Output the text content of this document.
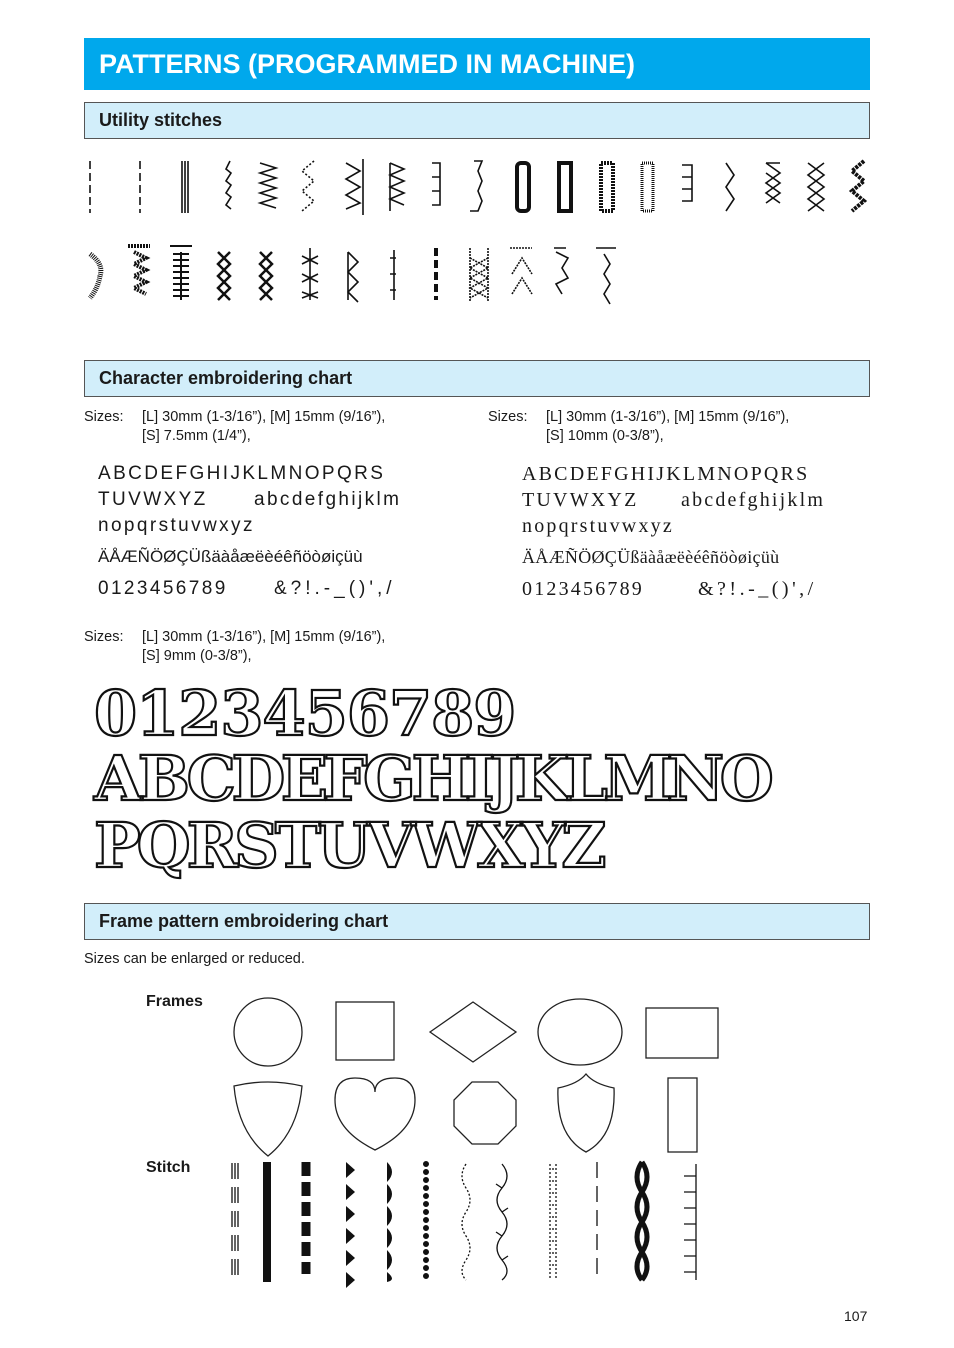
PATTERNS (PROGRAMMED IN MACHINE)
Utility stitches
Character embroidering chart
Sizes: [L] 30mm (1-3/16”), [M] 15mm (9/16”),
[S] 7.5mm (1/4”),
Sizes: [L] 30mm (1-3/16”), [M] 15mm (9/16”),
[S] 10mm (0-3/8”),
ABCDEFGHIJKLMNOPQRS
TUVWXYZ abcdefghijklm
nopqrstuvwxyz
ÄÅÆÑÖØÇÜßäàåæëèéêñöòøiçüù
0123456789 &?!.-_()',/
ABCDEFGHIJKLMNOPQRS
TUVWXYZ abcdefghijklm
nopqrstuvwxyz
ÄÅÆÑÖØÇÜßäàåæëèéêñöòøiçüù
0123456789	&?!.-_()',/
Sizes: [L] 30mm (1-3/16”), [M] 15mm (9/16”),
[S] 9mm (0-3/8”),
0123456789
ABCDEFGHIJKLMNO
PQRSTUVWXYZ
Frame pattern embroidering chart
Sizes can be enlarged or reduced.
Frames
Stitch
107
